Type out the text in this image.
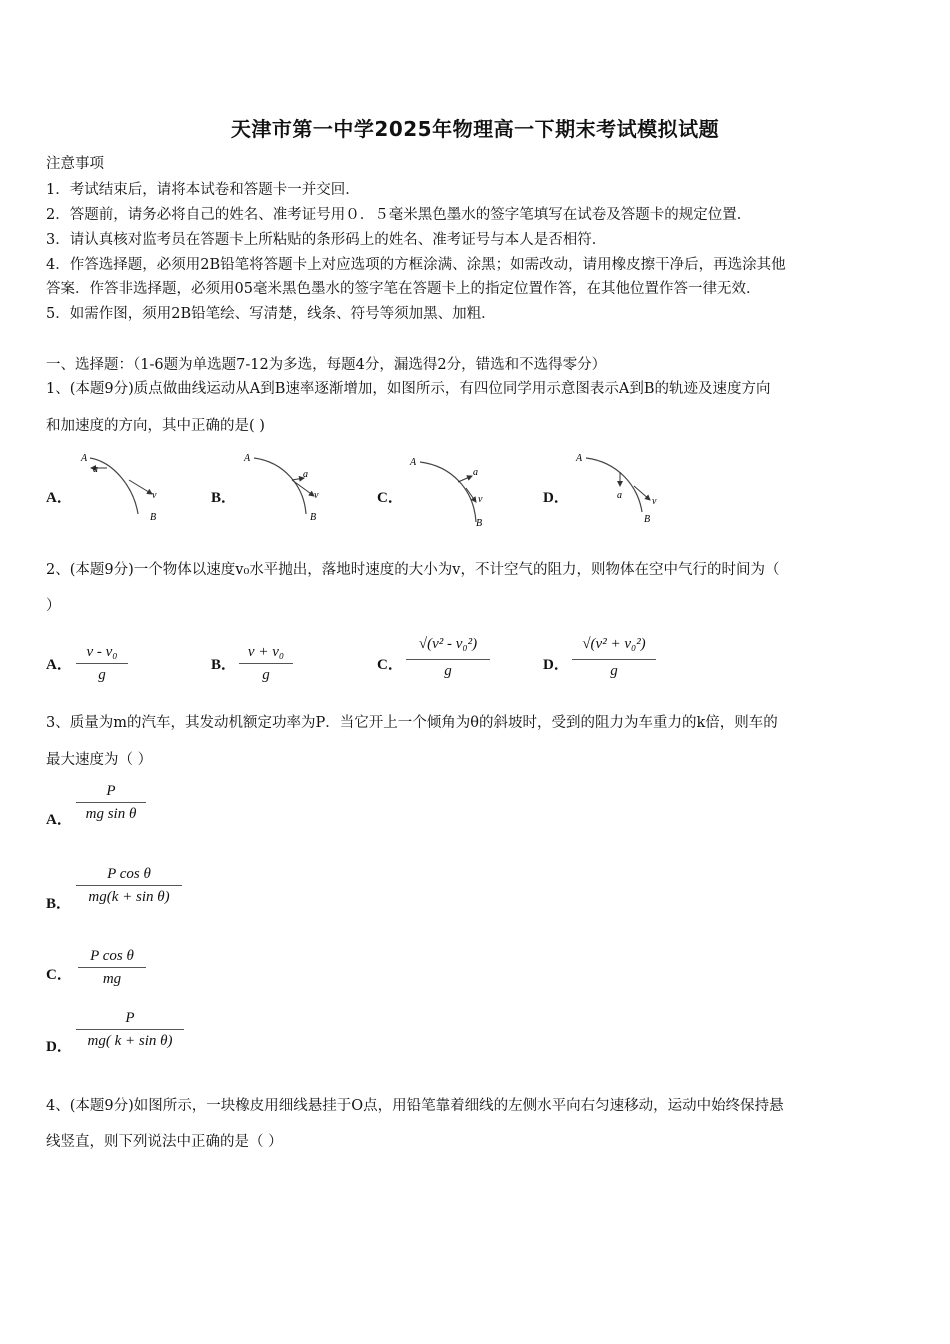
天津市第一中学2025年物理高一下期末考试模拟试题
注意事项
1．考试结束后，请将本试卷和答题卡一并交回．
2．答题前，请务必将自己的姓名、准考证号用０．５毫米黑色墨水的签字笔填写在试卷及答题卡的规定位置．
3．请认真核对监考员在答题卡上所粘贴的条形码上的姓名、准考证号与本人是否相符．
4．作答选择题，必须用2B铅笔将答题卡上对应选项的方框涂满、涂黑；如需改动，请用橡皮擦干净后，再选涂其他
答案．作答非选择题，必须用05毫米黑色墨水的签字笔在答题卡上的指定位置作答，在其他位置作答一律无效．
5．如需作图，须用2B铅笔绘、写清楚，线条、符号等须加黑、加粗．
一、选择题：（1-6题为单选题7-12为多选，每题4分，漏选得2分，错选和不选得零分）
1、(本题9分)质点做曲线运动从A到B速率逐渐增加，如图所示，有四位同学用示意图表示A到B的轨迹及速度方向
和加速度的方向，其中正确的是( )
A．	B．	C．	D．
A
a
v
B
A
a
v
B
A
a
v
B
A
a
v
B
2、(本题9分)一个物体以速度v₀水平抛出，落地时速度的大小为v，不计空气的阻力，则物体在空中气行的时间为（
）
A． $\frac{\text{v - v₀}}{g}$	B． $\frac{\text{v + v₀}}{g}$	C． $\frac{\text{√(v² - v₀²)}}{g}$	D． $\frac{\text{√(v² + v₀²)}}{g}$
3、质量为m的汽车，其发动机额定功率为P．当它开上一个倾角为θ的斜坡时，受到的阻力为车重力的k倍，则车的
最大速度为（ ）
A． $\frac{P}{\text{mg sin θ}}$
B． $\frac{\text{P cos θ}}{\text{mg(k + sin θ)}}$
C． $\frac{\text{P cos θ}}{mg}$
D． $\frac{P}{\text{mg( k + sin θ)}}$
4、(本题9分)如图所示，一块橡皮用细线悬挂于O点，用铅笔靠着细线的左侧水平向右匀速移动，运动中始终保持悬
线竖直，则下列说法中正确的是（ ）
